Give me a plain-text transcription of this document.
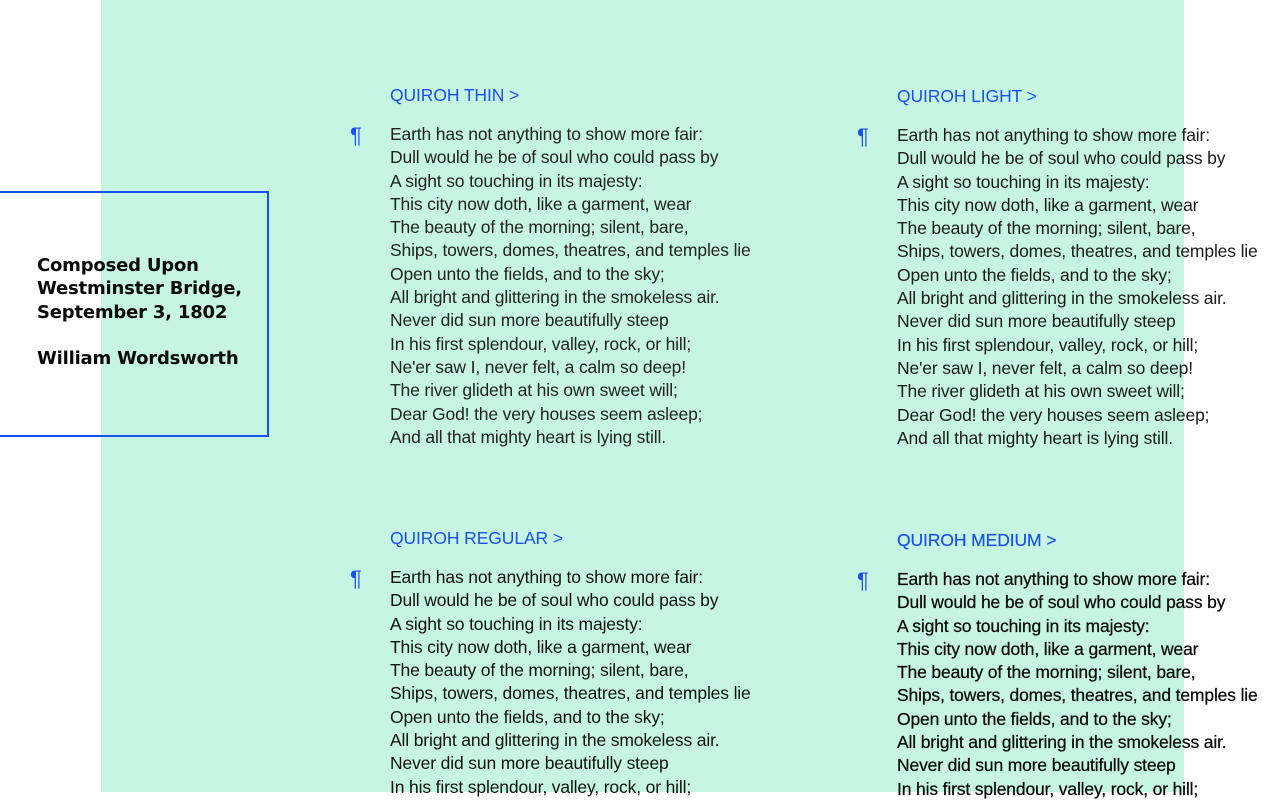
Composed Upon
Westminster Bridge,
September 3, 1802
William Wordsworth
QUIROH THIN >
¶ Earth has not anything to show more fair:
Dull would he be of soul who could pass by
A sight so touching in its majesty:
This city now doth, like a garment, wear
The beauty of the morning; silent, bare,
Ships, towers, domes, theatres, and temples lie
Open unto the fields, and to the sky;
All bright and glittering in the smokeless air.
Never did sun more beautifully steep
In his first splendour, valley, rock, or hill;
Ne'er saw I, never felt, a calm so deep!
The river glideth at his own sweet will;
Dear God! the very houses seem asleep;
And all that mighty heart is lying still.
QUIROH LIGHT >
¶ Earth has not anything to show more fair:
Dull would he be of soul who could pass by
A sight so touching in its majesty:
This city now doth, like a garment, wear
The beauty of the morning; silent, bare,
Ships, towers, domes, theatres, and temples lie
Open unto the fields, and to the sky;
All bright and glittering in the smokeless air.
Never did sun more beautifully steep
In his first splendour, valley, rock, or hill;
Ne'er saw I, never felt, a calm so deep!
The river glideth at his own sweet will;
Dear God! the very houses seem asleep;
And all that mighty heart is lying still.
QUIROH REGULAR >
¶ Earth has not anything to show more fair:
Dull would he be of soul who could pass by
A sight so touching in its majesty:
This city now doth, like a garment, wear
The beauty of the morning; silent, bare,
Ships, towers, domes, theatres, and temples lie
Open unto the fields, and to the sky;
All bright and glittering in the smokeless air.
Never did sun more beautifully steep
In his first splendour, valley, rock, or hill;
QUIROH MEDIUM >
¶ Earth has not anything to show more fair:
Dull would he be of soul who could pass by
A sight so touching in its majesty:
This city now doth, like a garment, wear
The beauty of the morning; silent, bare,
Ships, towers, domes, theatres, and temples lie
Open unto the fields, and to the sky;
All bright and glittering in the smokeless air.
Never did sun more beautifully steep
In his first splendour, valley, rock, or hill;
